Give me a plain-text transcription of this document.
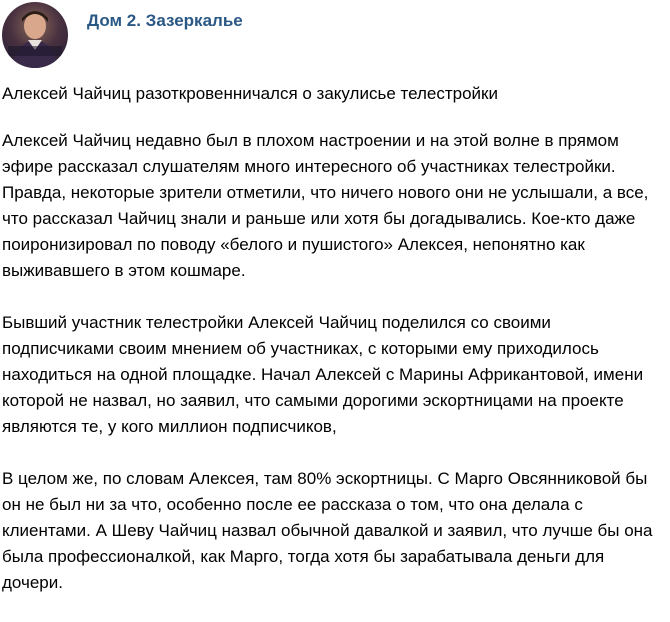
Дом 2. Зазеркалье
Алексей Чайчиц разоткровенничался о закулисье телестройки

Алексей Чайчиц недавно был в плохом настроении и на этой волне в прямом эфире рассказал слушателям много интересного об участниках телестройки. Правда, некоторые зрители отметили, что ничего нового они не услышали, а все, что рассказал Чайчиц знали и раньше или хотя бы догадывались. Кое-кто даже поиронизировал по поводу «белого и пушистого» Алексея, непонятно как выживавшего в этом кошмаре.

Бывший участник телестройки Алексей Чайчиц поделился со своими подписчиками своим мнением об участниках, с которыми ему приходилось находиться на одной площадке. Начал Алексей с Марины Африкантовой, имени которой не назвал, но заявил, что самыми дорогими эскортницами на проекте являются те, у кого миллион подписчиков,

В целом же, по словам Алексея, там 80% эскортницы. С Марго Овсянниковой бы он не был ни за что, особенно после ее рассказа о том, что она делала с клиентами. А Шеву Чайчиц назвал обычной давалкой и заявил, что лучше бы она была профессионалкой, как Марго, тогда хотя бы зарабатывала деньги для дочери.
